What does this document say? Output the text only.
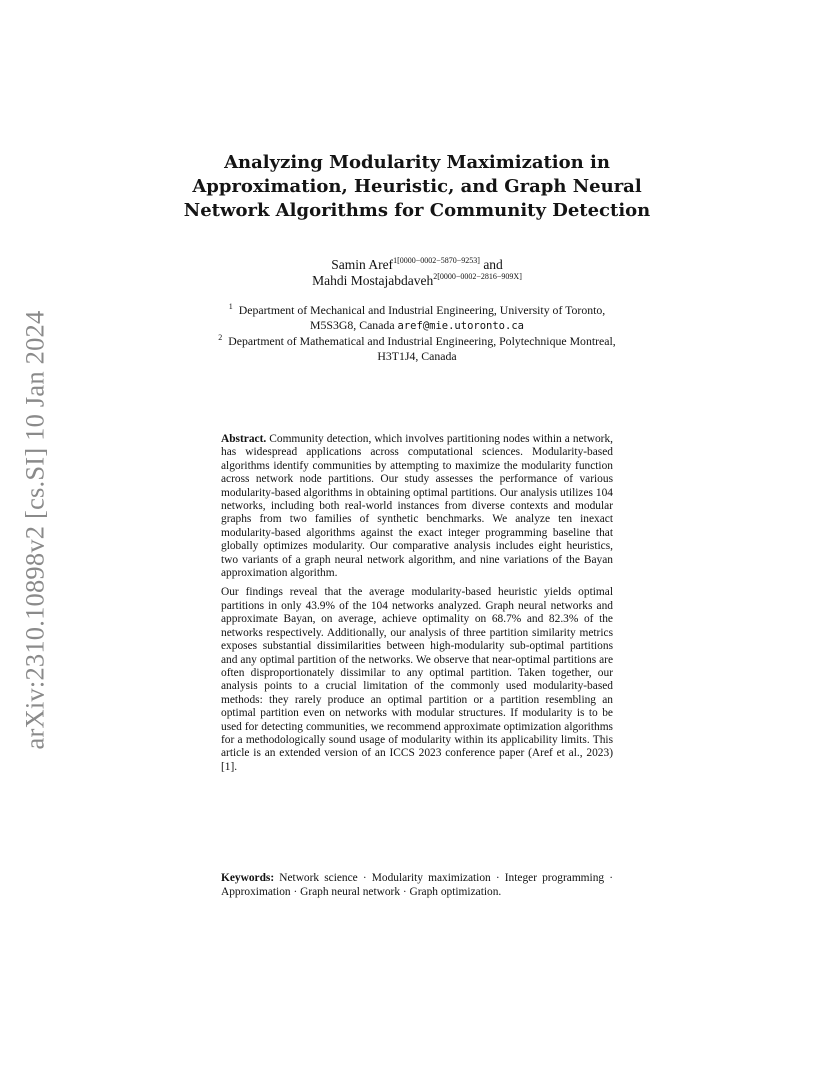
arXiv:2310.10898v2 [cs.SI] 10 Jan 2024
Analyzing Modularity Maximization in
Approximation, Heuristic, and Graph Neural
Network Algorithms for Community Detection
Samin Aref$^{1[0000-0002-5870-9253]}$ and
Mahdi Mostajabdaveh$^{2[0000-0002-2816-909X]}$
$^1$ Department of Mechanical and Industrial Engineering, University of Toronto,
M5S3G8, Canada aref@mie.utoronto.ca
$^2$ Department of Mathematical and Industrial Engineering, Polytechnique Montreal,
H3T1J4, Canada

Abstract. Community detection, which involves partitioning nodes within a network, has widespread applications across computational sciences. Modularity-based algorithms identify communities by attempting to maximize the modularity function across network node partitions. Our study assesses the performance of various modularity-based algorithms in obtaining optimal partitions. Our analysis utilizes 104 networks, including both real-world instances from diverse contexts and modular graphs from two families of synthetic benchmarks. We analyze ten inexact modularity-based algorithms against the exact integer programming baseline that globally optimizes modularity. Our comparative analysis includes eight heuristics, two variants of a graph neural network algorithm, and nine variations of the Bayan approximation algorithm.

Our findings reveal that the average modularity-based heuristic yields optimal partitions in only 43.9% of the 104 networks analyzed. Graph neural networks and approximate Bayan, on average, achieve optimality on 68.7% and 82.3% of the networks respectively. Additionally, our analysis of three partition similarity metrics exposes substantial dissimilarities between high-modularity sub-optimal partitions and any optimal partition of the networks. We observe that near-optimal partitions are often disproportionately dissimilar to any optimal partition. Taken together, our analysis points to a crucial limitation of the commonly used modularity-based methods: they rarely produce an optimal partition or a partition resembling an optimal partition even on networks with modular structures. If modularity is to be used for detecting communities, we recommend approximate optimization algorithms for a methodologically sound usage of modularity within its applicability limits. This article is an extended version of an ICCS 2023 conference paper (Aref et al., 2023) [1].

Keywords: Network science · Modularity maximization · Integer programming · Approximation · Graph neural network · Graph optimization.
